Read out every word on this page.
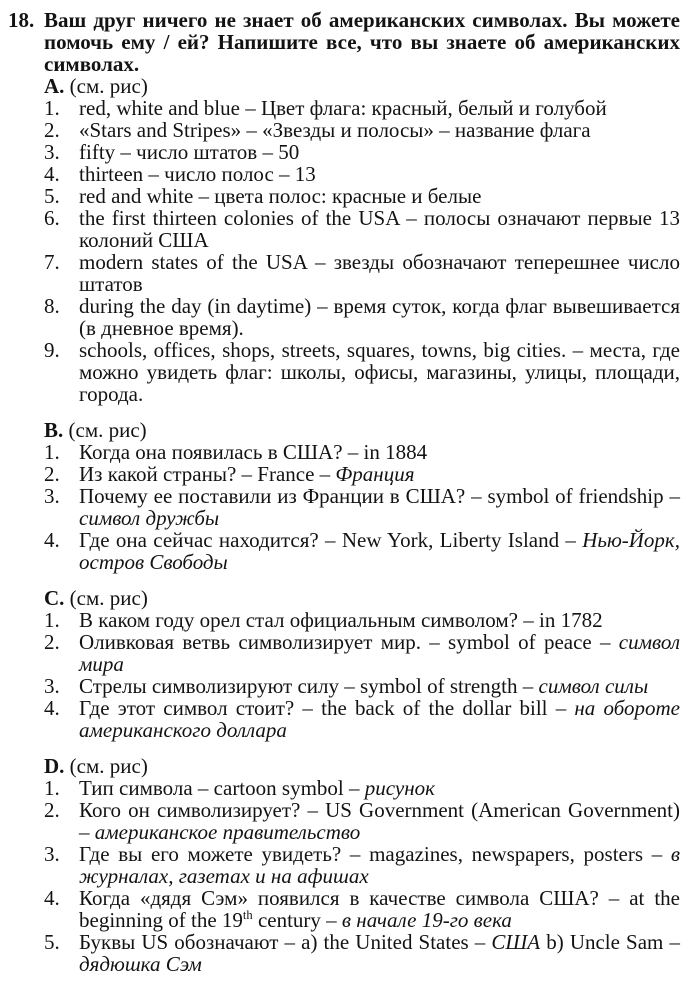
18. Ваш друг ничего не знает об американских символах. Вы можете помочь ему / ей? Напишите все, что вы знаете об американских символах.

A. (см. рис)

1. red, white and blue – Цвет флага: красный, белый и голубой
2. «Stars and Stripes» – «Звезды и полосы» – название флага
3. fifty – число штатов – 50
4. thirteen – число полос – 13
5. red and white – цвета полос: красные и белые
6. the first thirteen colonies of the USA – полосы означают первые 13 колоний США
7. modern states of the USA – звезды обозначают теперешнее число штатов
8. during the day (in daytime) – время суток, когда флаг вывешивается (в дневное время).
9. schools, offices, shops, streets, squares, towns, big cities. – места, где можно увидеть флаг: школы, офисы, магазины, улицы, площади, города.

B. (см. рис)

1. Когда она появилась в США? – in 1884
2. Из какой страны? – France – Франция
3. Почему ее поставили из Франции в США? – symbol of friendship – символ дружбы
4. Где она сейчас находится? – New York, Liberty Island – Нью-Йорк, остров Свободы

C. (см. рис)

1. В каком году орел стал официальным символом? – in 1782
2. Оливковая ветвь символизирует мир. – symbol of peace – символ мира
3. Стрелы символизируют силу – symbol of strength – символ силы
4. Где этот символ стоит? – the back of the dollar bill – на обороте американского доллара

D. (см. рис)

1. Тип символа – cartoon symbol – рисунок
2. Кого он символизирует? – US Government (American Government) – американское правительство
3. Где вы его можете увидеть? – magazines, newspapers, posters – в журналах, газетах и на афишах
4. Когда «дядя Сэм» появился в качестве символа США? – at the beginning of the 19th century – в начале 19-го века
5. Буквы US обозначают – a) the United States – США b) Uncle Sam – дядюшка Сэм
